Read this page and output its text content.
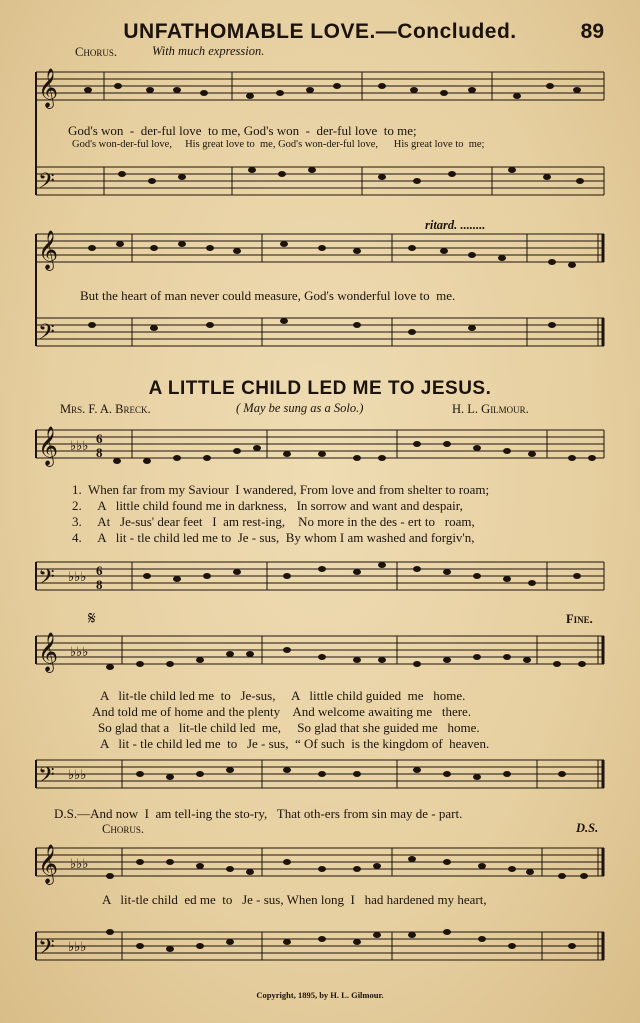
UNFATHOMABLE LOVE.—Concluded.	89
Chorus.	With much expression.
𝄞
𝄢
God's won  -  der-ful love  to me, God's won  -  der-ful love  to me;
God's won-der-ful love,     His great love to  me, God's won-der-ful love,      His great love to  me;
𝄞
𝄢
ritard. ........
But the heart of man never could measure, God's wonderful love to  me.
A LITTLE CHILD LED ME TO JESUS.
Mrs. F. A. Breck.	( May be sung as a Solo.)	H. L. Gilmour.
𝄞 ♭♭♭
6
8
1.  When far from my Saviour  I wandered, From love and from shelter to roam;
2.     A   little child found me in darkness,   In sorrow and want and despair,
3.     At   Je-sus' dear feet   I  am rest-ing,    No more in the des - ert to   roam,
4.     A   lit - tle child led me to  Je - sus,  By whom I am washed and forgiv'n,
𝄢 ♭♭♭ 6
8
𝄋	Fine.
𝄞 ♭♭♭
A   lit-tle child led me  to   Je-sus,     A   little child guided  me   home.
And told me of home and the plenty    And welcome awaiting me   there.
So glad that a   lit-tle child led  me,     So glad that she guided me   home.
A   lit - tle child led me  to   Je - sus,  “ Of such  is the kingdom of  heaven.
𝄢 ♭♭♭
D.S.—And now  I  am tell-ing the sto-ry,   That oth-ers from sin may de - part.
Chorus.	D.S.
𝄞 ♭♭♭
A   lit-tle child  ed me  to   Je - sus, When long  I   had hardened my heart,
𝄢 ♭♭♭
Copyright, 1895, by H. L. Gilmour.
